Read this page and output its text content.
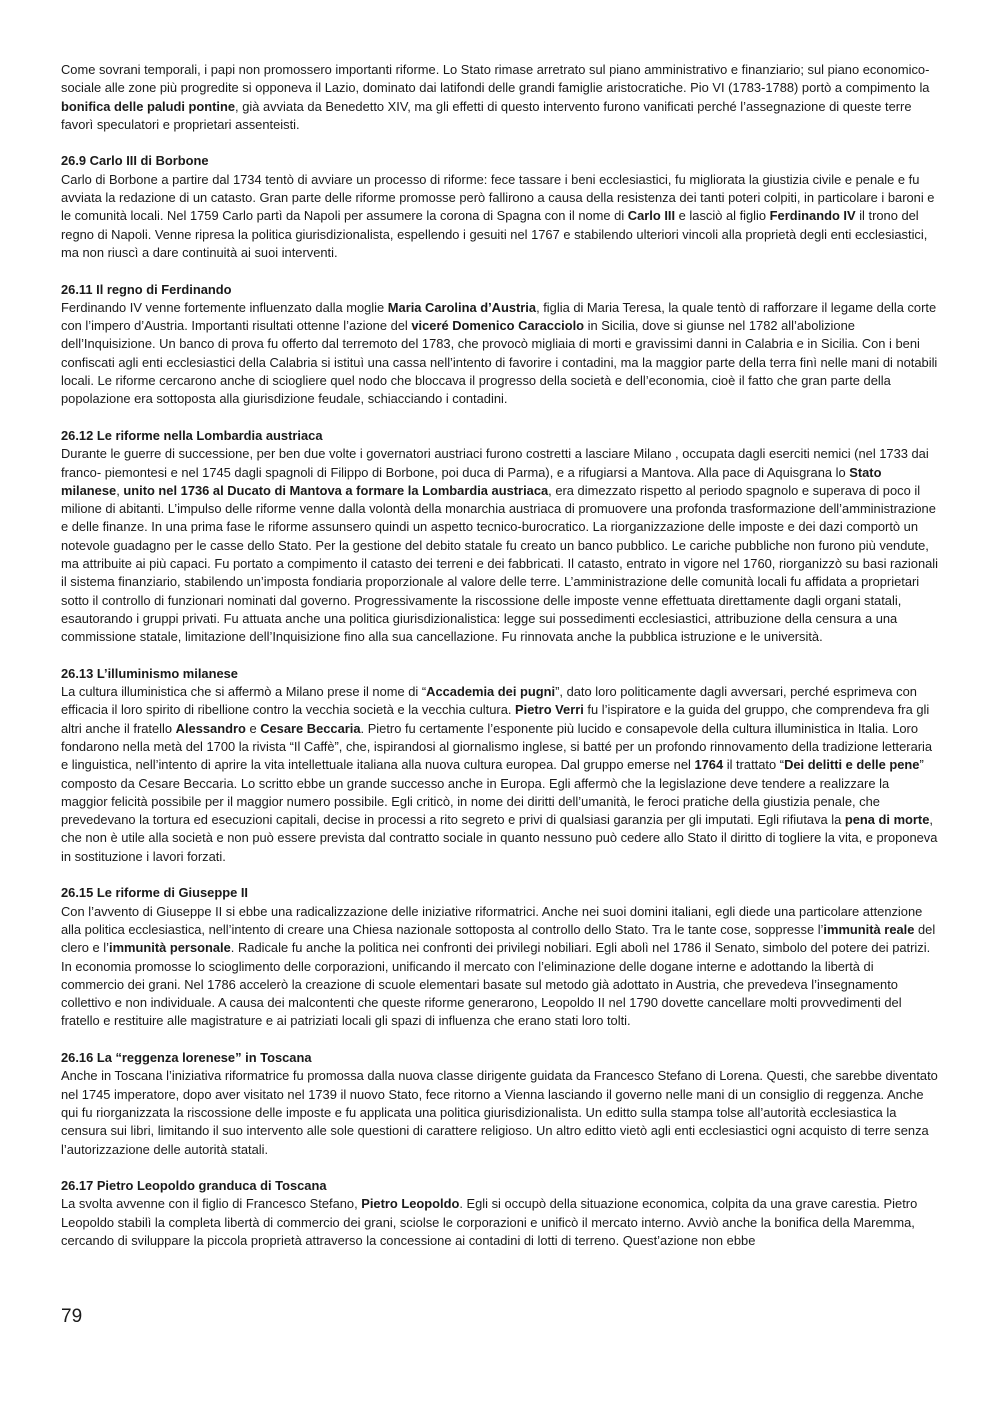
Come sovrani temporali, i papi non promossero importanti riforme. Lo Stato rimase arretrato sul piano amministrativo e finanziario; sul piano economico-sociale alle zone più progredite si opponeva il Lazio, dominato dai latifondi delle grandi famiglie aristocratiche. Pio VI (1783-1788) portò a compimento la bonifica delle paludi pontine, già avviata da Benedetto XIV, ma gli effetti di questo intervento furono vanificati perché l’assegnazione di queste terre favorì speculatori e proprietari assenteisti.

26.9 Carlo III di Borbone

Carlo di Borbone a partire dal 1734 tentò di avviare un processo di riforme: fece tassare i beni ecclesiastici, fu migliorata la giustizia civile e penale e fu avviata la redazione di un catasto. Gran parte delle riforme promosse però fallirono a causa della resistenza dei tanti poteri colpiti, in particolare i baroni e le comunità locali. Nel 1759 Carlo partì da Napoli per assumere la corona di Spagna con il nome di Carlo III e lasciò al figlio Ferdinando IV il trono del regno di Napoli. Venne ripresa la politica giurisdizionalista, espellendo i gesuiti nel 1767 e stabilendo ulteriori vincoli alla proprietà degli enti ecclesiastici, ma non riuscì a dare continuità ai suoi interventi.

26.11 Il regno di Ferdinando

Ferdinando IV venne fortemente influenzato dalla moglie Maria Carolina d’Austria, figlia di Maria Teresa, la quale tentò di rafforzare il legame della corte con l’impero d’Austria. Importanti risultati ottenne l’azione del viceré Domenico Caracciolo in Sicilia, dove si giunse nel 1782 all’abolizione dell’Inquisizione. Un banco di prova fu offerto dal terremoto del 1783, che provocò migliaia di morti e gravissimi danni in Calabria e in Sicilia. Con i beni confiscati agli enti ecclesiastici della Calabria si istituì una cassa nell’intento di favorire i contadini, ma la maggior parte della terra finì nelle mani di notabili locali. Le riforme cercarono anche di sciogliere quel nodo che bloccava il progresso della società e dell’economia, cioè il fatto che gran parte della popolazione era sottoposta alla giurisdizione feudale, schiacciando i contadini.

26.12 Le riforme nella Lombardia austriaca

Durante le guerre di successione, per ben due volte i governatori austriaci furono costretti a lasciare Milano , occupata dagli eserciti nemici (nel 1733 dai franco- piemontesi e nel 1745 dagli spagnoli di Filippo di Borbone, poi duca di Parma), e a rifugiarsi a Mantova. Alla pace di Aquisgrana lo Stato milanese, unito nel 1736 al Ducato di Mantova a formare la Lombardia austriaca, era dimezzato rispetto al periodo spagnolo e superava di poco il milione di abitanti. L’impulso delle riforme venne dalla volontà della monarchia austriaca di promuovere una profonda trasformazione dell’amministrazione e delle finanze. In una prima fase le riforme assunsero quindi un aspetto tecnico-burocratico. La riorganizzazione delle imposte e dei dazi comportò un notevole guadagno per le casse dello Stato. Per la gestione del debito statale fu creato un banco pubblico. Le cariche pubbliche non furono più vendute, ma attribuite ai più capaci. Fu portato a compimento il catasto dei terreni e dei fabbricati. Il catasto, entrato in vigore nel 1760, riorganizzò su basi razionali il sistema finanziario, stabilendo un’imposta fondiaria proporzionale al valore delle terre. L’amministrazione delle comunità locali fu affidata a proprietari sotto il controllo di funzionari nominati dal governo. Progressivamente la riscossione delle imposte venne effettuata direttamente dagli organi statali, esautorando i gruppi privati. Fu attuata anche una politica giurisdizionalistica: legge sui possedimenti ecclesiastici, attribuzione della censura a una commissione statale, limitazione dell’Inquisizione fino alla sua cancellazione. Fu rinnovata anche la pubblica istruzione e le università.

26.13 L’illuminismo milanese

La cultura illuministica che si affermò a Milano prese il nome di “Accademia dei pugni”, dato loro politicamente dagli avversari, perché esprimeva con efficacia il loro spirito di ribellione contro la vecchia società e la vecchia cultura. Pietro Verri fu l’ispiratore e la guida del gruppo, che comprendeva fra gli altri anche il fratello Alessandro e Cesare Beccaria. Pietro fu certamente l’esponente più lucido e consapevole della cultura illuministica in Italia. Loro fondarono nella metà del 1700 la rivista “Il Caffè”, che, ispirandosi al giornalismo inglese, si batté per un profondo rinnovamento della tradizione letteraria e linguistica, nell’intento di aprire la vita intellettuale italiana alla nuova cultura europea. Dal gruppo emerse nel 1764 il trattato “Dei delitti e delle pene” composto da Cesare Beccaria. Lo scritto ebbe un grande successo anche in Europa. Egli affermò che la legislazione deve tendere a realizzare la maggior felicità possibile per il maggior numero possibile. Egli criticò, in nome dei diritti dell’umanità, le feroci pratiche della giustizia penale, che prevedevano la tortura ed esecuzioni capitali, decise in processi a rito segreto e privi di qualsiasi garanzia per gli imputati. Egli rifiutava la pena di morte, che non è utile alla società e non può essere prevista dal contratto sociale in quanto nessuno può cedere allo Stato il diritto di togliere la vita, e proponeva in sostituzione i lavori forzati.

26.15 Le riforme di Giuseppe II

Con l’avvento di Giuseppe II si ebbe una radicalizzazione delle iniziative riformatrici. Anche nei suoi domini italiani, egli diede una particolare attenzione alla politica ecclesiastica, nell’intento di creare una Chiesa nazionale sottoposta al controllo dello Stato. Tra le tante cose, soppresse l’immunità reale del clero e l’immunità personale. Radicale fu anche la politica nei confronti dei privilegi nobiliari. Egli abolì nel 1786 il Senato, simbolo del potere dei patrizi. In economia promosse lo scioglimento delle corporazioni, unificando il mercato con l’eliminazione delle dogane interne e adottando la libertà di commercio dei grani. Nel 1786 accelerò la creazione di scuole elementari basate sul metodo già adottato in Austria, che prevedeva l’insegnamento collettivo e non individuale. A causa dei malcontenti che queste riforme generarono, Leopoldo II nel 1790 dovette cancellare molti provvedimenti del fratello e restituire alle magistrature e ai patriziati locali gli spazi di influenza che erano stati loro tolti.

26.16 La “reggenza lorenese” in Toscana

Anche in Toscana l’iniziativa riformatrice fu promossa dalla nuova classe dirigente guidata da Francesco Stefano di Lorena. Questi, che sarebbe diventato nel 1745 imperatore, dopo aver visitato nel 1739 il nuovo Stato, fece ritorno a Vienna lasciando il governo nelle mani di un consiglio di reggenza. Anche qui fu riorganizzata la riscossione delle imposte e fu applicata una politica giurisdizionalista. Un editto sulla stampa tolse all’autorità ecclesiastica la censura sui libri, limitando il suo intervento alle sole questioni di carattere religioso. Un altro editto vietò agli enti ecclesiastici ogni acquisto di terre senza l’autorizzazione delle autorità statali.

26.17 Pietro Leopoldo granduca di Toscana

La svolta avvenne con il figlio di Francesco Stefano, Pietro Leopoldo. Egli si occupò della situazione economica, colpita da una grave carestia. Pietro Leopoldo stabilì la completa libertà di commercio dei grani, sciolse le corporazioni e unificò il mercato interno. Avviò anche la bonifica della Maremma, cercando di sviluppare la piccola proprietà attraverso la concessione ai contadini di lotti di terreno. Quest’azione non ebbe

79
